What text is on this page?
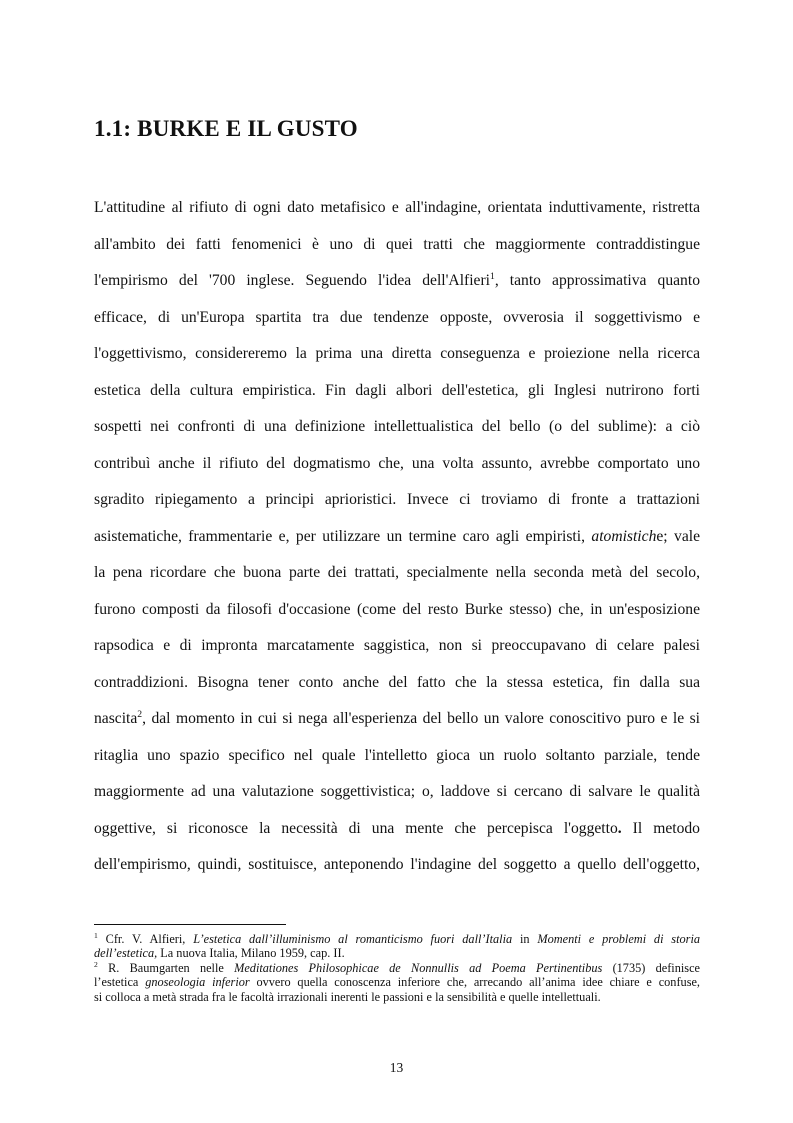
1.1: BURKE E IL GUSTO
L'attitudine al rifiuto di ogni dato metafisico e all'indagine, orientata induttivamente, ristretta
all'ambito dei fatti fenomenici è uno di quei tratti che maggiormente contraddistingue
l'empirismo del '700 inglese. Seguendo l'idea dell'Alfieri$^1$, tanto approssimativa quanto
efficace, di un'Europa spartita tra due tendenze opposte, ovverosia il soggettivismo e
l'oggettivismo, considereremo la prima una diretta conseguenza e proiezione nella ricerca
estetica della cultura empiristica. Fin dagli albori dell'estetica, gli Inglesi nutrirono forti
sospetti nei confronti di una definizione intellettualistica del bello (o del sublime): a ciò
contribuì anche il rifiuto del dogmatismo che, una volta assunto, avrebbe comportato uno
sgradito ripiegamento a principi aprioristici. Invece ci troviamo di fronte a trattazioni
asistematiche, frammentarie e, per utilizzare un termine caro agli empiristi, atomistiche; vale
la pena ricordare che buona parte dei trattati, specialmente nella seconda metà del secolo,
furono composti da filosofi d'occasione (come del resto Burke stesso) che, in un'esposizione
rapsodica e di impronta marcatamente saggistica, non si preoccupavano di celare palesi
contraddizioni. Bisogna tener conto anche del fatto che la stessa estetica, fin dalla sua
nascita$^2$, dal momento in cui si nega all'esperienza del bello un valore conoscitivo puro e le si
ritaglia uno spazio specifico nel quale l'intelletto gioca un ruolo soltanto parziale, tende
maggiormente ad una valutazione soggettivistica; o, laddove si cercano di salvare le qualità
oggettive, si riconosce la necessità di una mente che percepisca l'oggetto. Il metodo
dell'empirismo, quindi, sostituisce, anteponendo l'indagine del soggetto a quello dell'oggetto,
$^1$ Cfr. V. Alfieri, L’estetica dall’illuminismo al romanticismo fuori dall’Italia in Momenti e problemi di storia
dell’estetica, La nuova Italia, Milano 1959, cap. II.
$^2$ R. Baumgarten nelle Meditationes Philosophicae de Nonnullis ad Poema Pertinentibus (1735) definisce
l’estetica gnoseologia inferior ovvero quella conoscenza inferiore che, arrecando all’anima idee chiare e confuse,
si colloca a metà strada fra le facoltà irrazionali inerenti le passioni e la sensibilità e quelle intellettuali.

13
